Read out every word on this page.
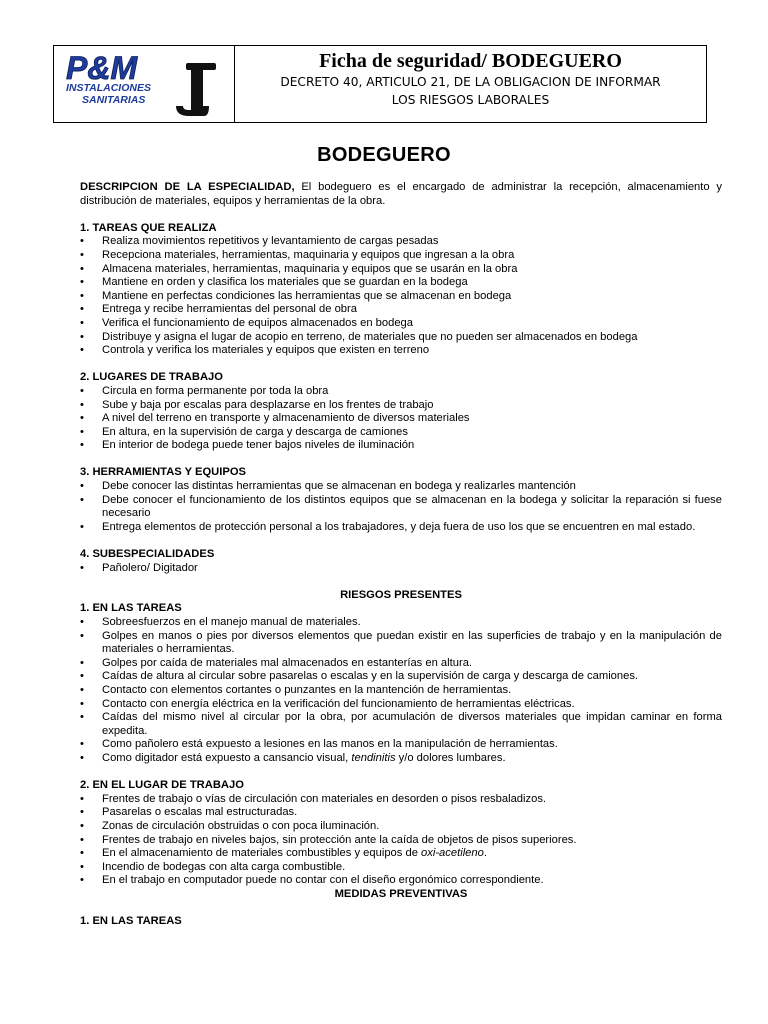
P&M
INSTALACIONES
SANITARIAS
Ficha de seguridad/ BODEGUERO
DECRETO 40, ARTICULO 21, DE LA OBLIGACION DE INFORMAR
LOS RIESGOS LABORALES
BODEGUERO

DESCRIPCION DE LA ESPECIALIDAD, El bodeguero es el encargado de administrar la recepción, almacenamiento y distribución de materiales, equipos y herramientas de la obra.

1. TAREAS QUE REALIZA

• Realiza movimientos repetitivos y levantamiento de cargas pesadas
• Recepciona materiales, herramientas, maquinaria y equipos que ingresan a la obra
• Almacena materiales, herramientas, maquinaria y equipos que se usarán en la obra
• Mantiene en orden y clasifica los materiales que se guardan en la bodega
• Mantiene en perfectas condiciones las herramientas que se almacenan en bodega
• Entrega y recibe herramientas del personal de obra
• Verifica el funcionamiento de equipos almacenados en bodega
• Distribuye y asigna el lugar de acopio en terreno, de materiales que no pueden ser almacenados en bodega
• Controla y verifica los materiales y equipos que existen en terreno

2. LUGARES DE TRABAJO

• Circula en forma permanente por toda la obra
• Sube y baja por escalas para desplazarse en los frentes de trabajo
• A nivel del terreno en transporte y almacenamiento de diversos materiales
• En altura, en la supervisión de carga y descarga de camiones
• En interior de bodega puede tener bajos niveles de iluminación

3. HERRAMIENTAS Y EQUIPOS

• Debe conocer las distintas herramientas que se almacenan en bodega y realizarles mantención
• Debe conocer el funcionamiento de los distintos equipos que se almacenan en la bodega y solicitar la reparación si fuese necesario
• Entrega elementos de protección personal a los trabajadores, y deja fuera de uso los que se encuentren en mal estado.

4. SUBESPECIALIDADES

• Pañolero/ Digitador

RIESGOS PRESENTES

1. EN LAS TAREAS

• Sobreesfuerzos en el manejo manual de materiales.
• Golpes en manos o pies por diversos elementos que puedan existir en las superficies de trabajo y en la manipulación de materiales o herramientas.
• Golpes por caída de materiales mal almacenados en estanterías en altura.
• Caídas de altura al circular sobre pasarelas o escalas y en la supervisión de carga y descarga de camiones.
• Contacto con elementos cortantes o punzantes en la mantención de herramientas.
• Contacto con energía eléctrica en la verificación del funcionamiento de herramientas eléctricas.
• Caídas del mismo nivel al circular por la obra, por acumulación de diversos materiales que impidan caminar en forma expedita.
• Como pañolero está expuesto a lesiones en las manos en la manipulación de herramientas.
• Como digitador está expuesto a cansancio visual, tendinitis y/o dolores lumbares.

2. EN EL LUGAR DE TRABAJO

• Frentes de trabajo o vías de circulación con materiales en desorden o pisos resbaladizos.
• Pasarelas o escalas mal estructuradas.
• Zonas de circulación obstruidas o con poca iluminación.
• Frentes de trabajo en niveles bajos, sin protección ante la caída de objetos de pisos superiores.
• En el almacenamiento de materiales combustibles y equipos de oxi-acetileno.
• Incendio de bodegas con alta carga combustible.
• En el trabajo en computador puede no contar con el diseño ergonómico correspondiente.

MEDIDAS PREVENTIVAS

1. EN LAS TAREAS
